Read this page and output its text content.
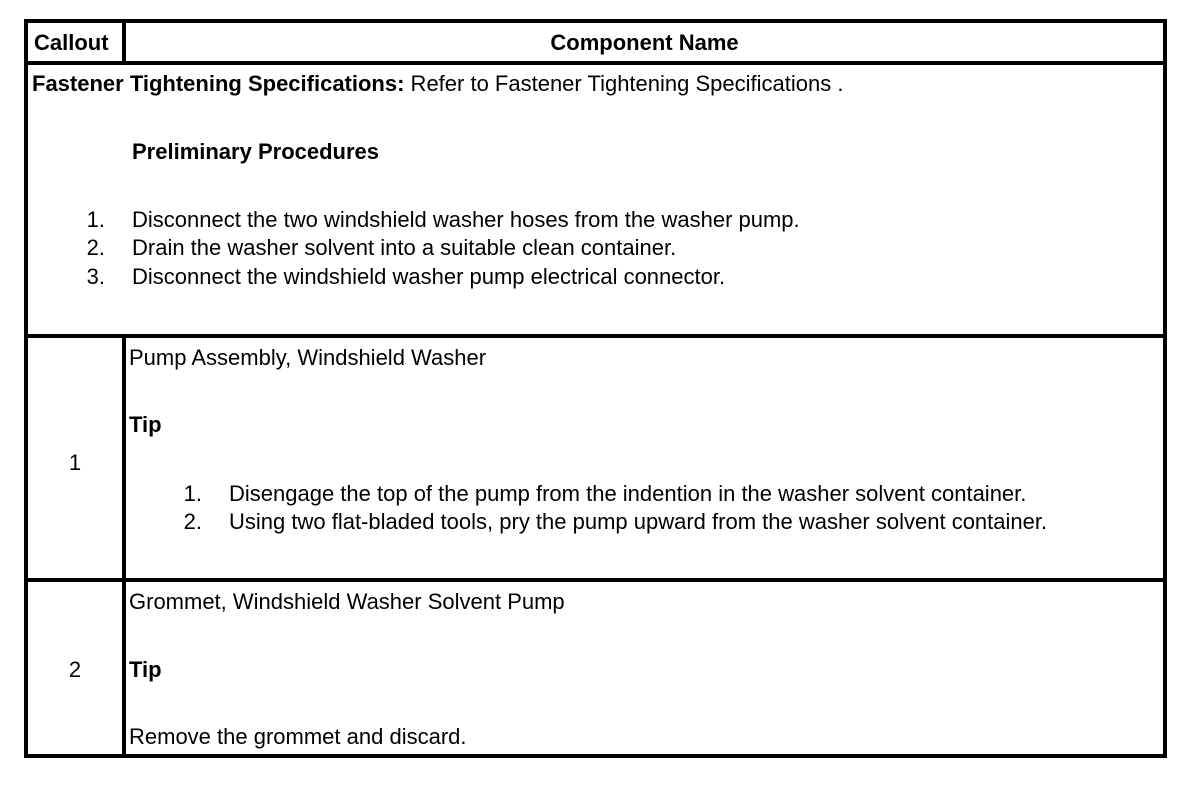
Callout	Component Name
Fastener Tightening Specifications: Refer to Fastener Tightening Specifications .
Preliminary Procedures
1. Disconnect the two windshield washer hoses from the washer pump.
2. Drain the washer solvent into a suitable clean container.
3. Disconnect the windshield washer pump electrical connector.
1
Pump Assembly, Windshield Washer
Tip
1. Disengage the top of the pump from the indention in the washer solvent container.
2. Using two flat-bladed tools, pry the pump upward from the washer solvent container.
2
Grommet, Windshield Washer Solvent Pump
Tip
Remove the grommet and discard.
